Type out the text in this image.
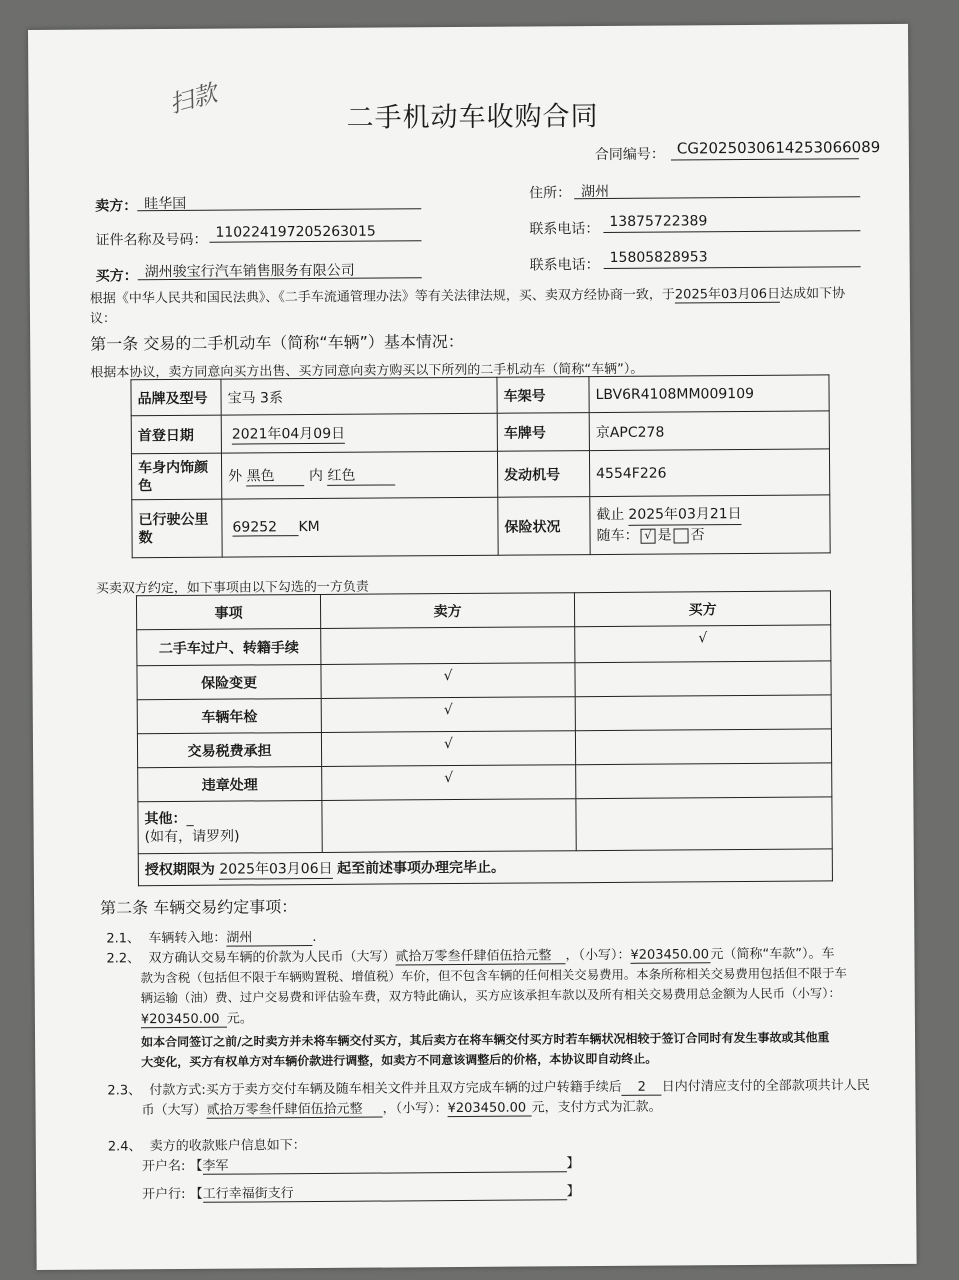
扫款	二手机动车收购合同
合同编号： CG2025030614253066089
卖方： 眭华国
住所： 湖州
证件名称及号码： 110224197205263015	联系电话： 13875722389
买方： 湖州骏宝行汽车销售服务有限公司	联系电话： 15805828953
根据《中华人民共和国民法典》、《二手车流通管理办法》等有关法律法规，买、卖双方经协商一致，于2025年03月06日达成如下协
议：
第一条 交易的二手机动车（简称“车辆”）基本情况：
根据本协议，卖方同意向买方出售、买方同意向卖方购买以下所列的二手机动车（简称“车辆”）。
品牌及型号	宝马 3系	车架号	LBV6R4108MM009109
首登日期	2021年04月09日	车牌号	京APC278
车身内饰颜色	外 黑色 内 红色	发动机号	4554F226
已行驶公里数	69252 KM	保险状况	截止 2025年03月21日
随车： √ 是 否
买卖双方约定，如下事项由以下勾选的一方负责
事项	卖方	买方
二手车过户、转籍手续		√
保险变更	√	
车辆年检	√	
交易税费承担	√	
违章处理	√	

其他：_
(如有，请罗列)		

授权期限为 2025年03月06日 起至前述事项办理完毕止。		
第二条 车辆交易约定事项：
2.1、 车辆转入地：湖州	.
2.2、 双方确认交易车辆的价款为人民币（大写）贰拾万零叁仟肆佰伍拾元整 ，（小写）：¥203450.00元（简称“车款”）。车
款为含税（包括但不限于车辆购置税、增值税）车价，但不包含车辆的任何相关交易费用。本条所称相关交易费用包括但不限于车
辆运输（油）费、过户交易费和评估验车费，双方特此确认，买方应该承担车款以及所有相关交易费用总金额为人民币（小写）：
¥203450.00 元。
如本合同签订之前/之时卖方并未将车辆交付买方，其后卖方在将车辆交付买方时若车辆状况相较于签订合同时有发生事故或其他重
大变化，买方有权单方对车辆价款进行调整，如卖方不同意该调整后的价格，本协议即自动终止。
2.3、 付款方式:买方于卖方交付车辆及随车相关文件并且双方完成车辆的过户转籍手续后 2 日内付清应支付的全部款项共计人民
币（大写）贰拾万零叁仟肆佰伍拾元整 ，（小写）：¥203450.00 元，支付方式为汇款。
2.4、 卖方的收款账户信息如下：
开户名: 【李军	】
开户行: 【工行幸福街支行	】
